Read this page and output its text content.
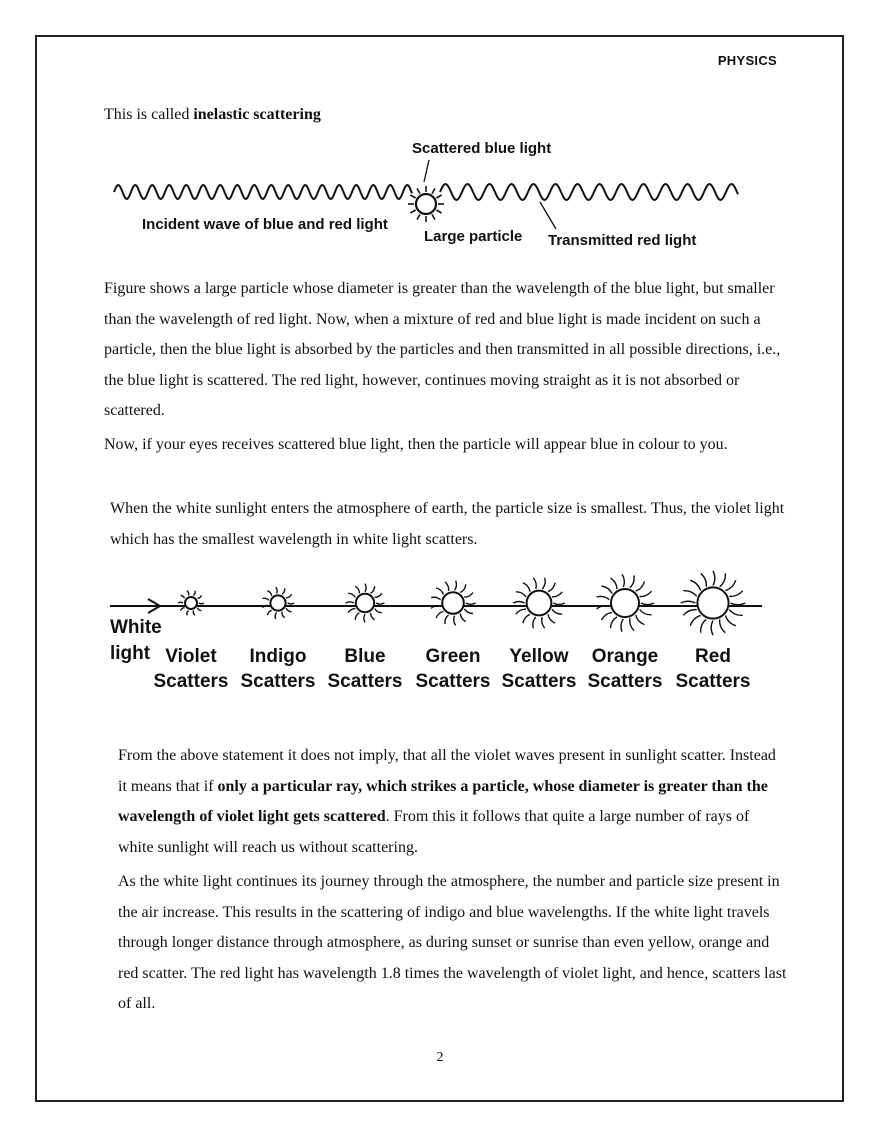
PHYSICS

This is called inelastic scattering

Scattered blue light
Incident wave of blue and red light
Large particle Transmitted red light

Figure shows a large particle whose diameter is greater than the wavelength of the blue light, but smaller than the wavelength of red light. Now, when a mixture of red and blue light is made incident on such a particle, then the blue light is absorbed by the particles and then transmitted in all possible directions, i.e., the blue light is scattered. The red light, however, continues moving straight as it is not absorbed or scattered.

Now, if your eyes receives scattered blue light, then the particle will appear blue in colour to you.

When the white sunlight enters the atmosphere of earth, the particle size is smallest. Thus, the violet light which has the smallest wavelength in white light scatters.

White
light Violet
Scatters
Indigo
Scatters
Blue
Scatters
Green
Scatters
Yellow
Scatters
Orange
Scatters
Red
Scatters

From the above statement it does not imply, that all the violet waves present in sunlight scatter. Instead it means that if only a particular ray, which strikes a particle, whose diameter is greater than the wavelength of violet light gets scattered. From this it follows that quite a large number of rays of white sunlight will reach us without scattering.

As the white light continues its journey through the atmosphere, the number and particle size present in the air increase. This results in the scattering of indigo and blue wavelengths. If the white light travels through longer distance through atmosphere, as during sunset or sunrise than even yellow, orange and red scatter. The red light has wavelength 1.8 times the wavelength of violet light, and hence, scatters last of all.

2
